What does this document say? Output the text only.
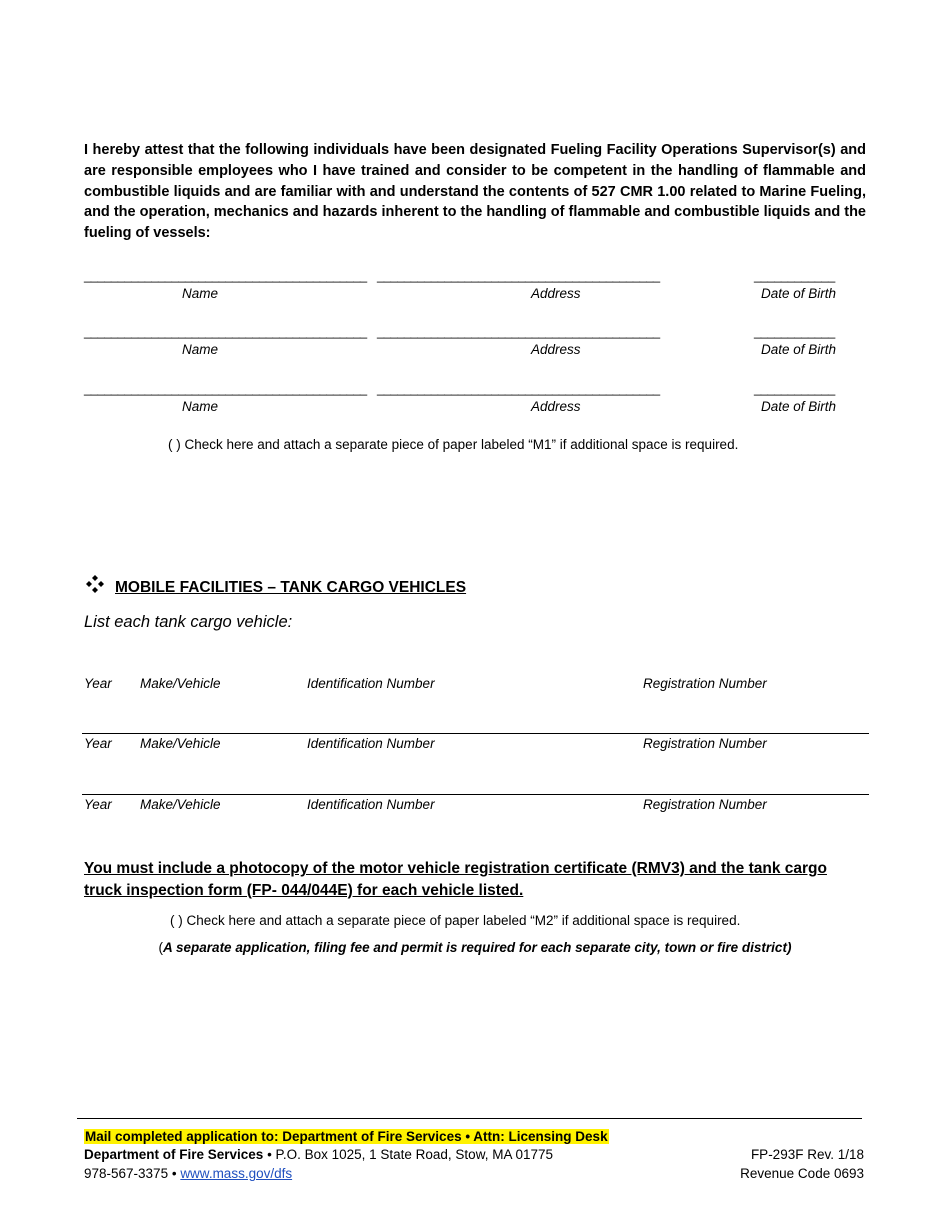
I hereby attest that the following individuals have been designated Fueling Facility Operations Supervisor(s) and are responsible employees who I have trained and consider to be competent in the handling of flammable and combustible liquids and are familiar with and understand the contents of 527 CMR 1.00 related to Marine Fueling, and the operation, mechanics and hazards inherent to the handling of flammable and combustible liquids and the fueling of vessels:
__________________________________________ __________________________________________	____________
Name	Address	Date of Birth
__________________________________________ __________________________________________	____________
Name	Address	Date of Birth
__________________________________________ __________________________________________	____________
Name	Address	Date of Birth
( ) Check here and attach a separate piece of paper labeled “M1” if additional space is required.
MOBILE FACILITIES – TANK CARGO VEHICLES
List each tank cargo vehicle:
Year Make/Vehicle	Identification Number	Registration Number
Year Make/Vehicle	Identification Number	Registration Number
Year Make/Vehicle	Identification Number	Registration Number
You must include a photocopy of the motor vehicle registration certificate (RMV3) and the tank cargo truck inspection form (FP- 044/044E) for each vehicle listed.
( ) Check here and attach a separate piece of paper labeled “M2” if additional space is required.
(A separate application, filing fee and permit is required for each separate city, town or fire district)
Mail completed application to: Department of Fire Services • Attn: Licensing Desk
Department of Fire Services • P.O. Box 1025, 1 State Road, Stow, MA 01775
978-567-3375 • www.mass.gov/dfs
FP-293F Rev. 1/18
Revenue Code 0693
